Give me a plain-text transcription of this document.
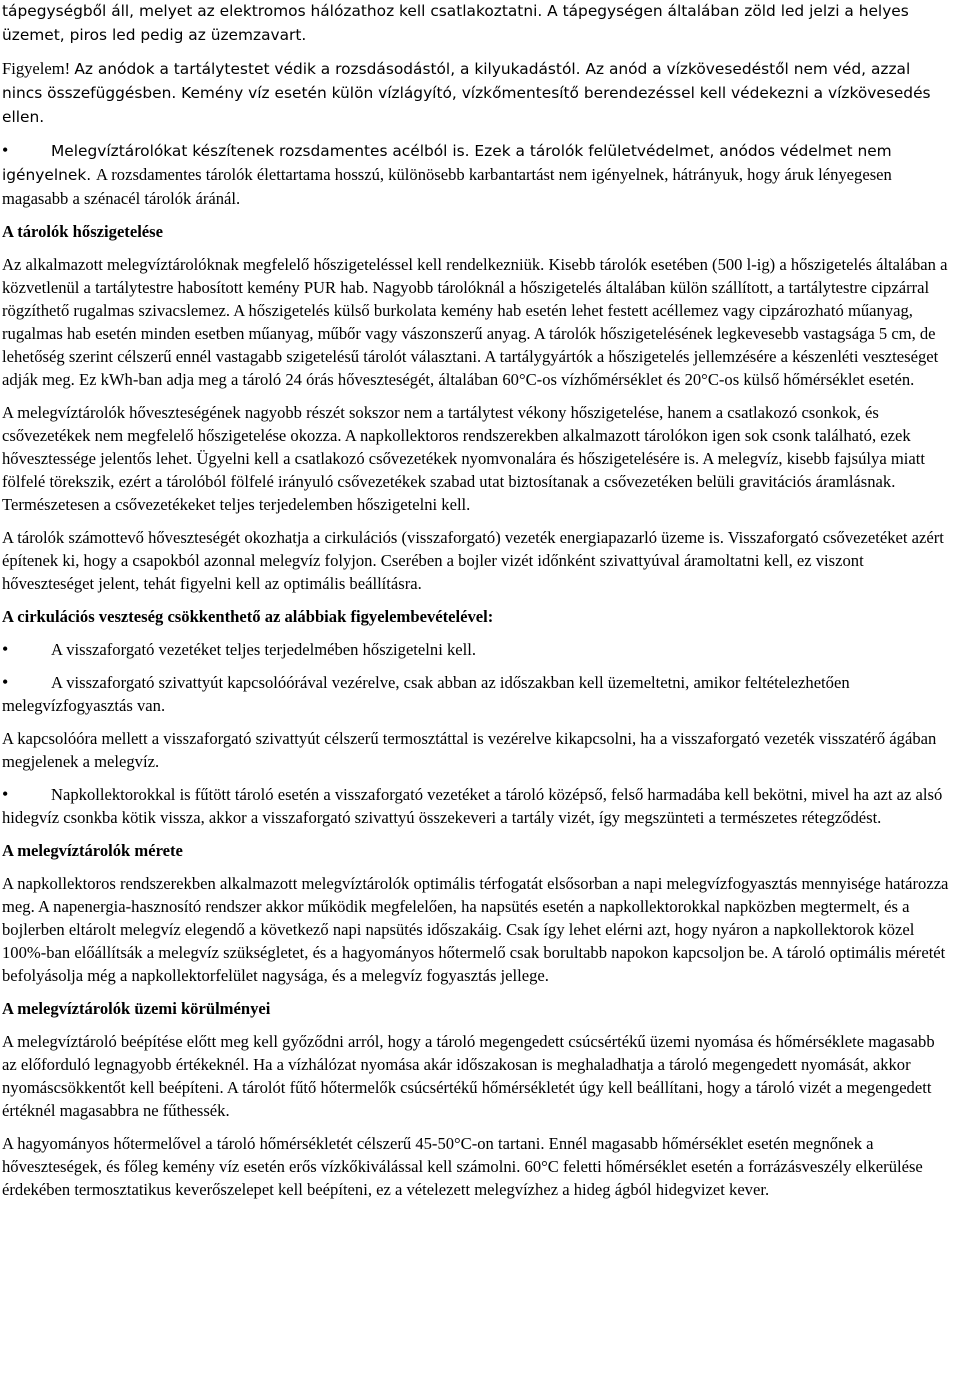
tápegységből áll, melyet az elektromos hálózathoz kell csatlakoztatni. A tápegységen általában zöld led jelzi a helyes üzemet, piros led pedig az üzemzavart.

Figyelem! Az anódok a tartálytestet védik a rozsdásodástól, a kilyukadástól. Az anód a vízkövesedéstől nem véd, azzal nincs összefüggésben. Kemény víz esetén külön vízlágyító, vízkőmentesítő berendezéssel kell védekezni a vízkövesedés ellen.

•Melegvíztárolókat készítenek rozsdamentes acélból is. Ezek a tárolók felületvédelmet, anódos védelmet nem igényelnek. A rozsdamentes tárolók élettartama hosszú, különösebb karbantartást nem igényelnek, hátrányuk, hogy áruk lényegesen magasabb a szénacél tárolók áránál.

A tárolók hőszigetelése

Az alkalmazott melegvíztárolóknak megfelelő hőszigeteléssel kell rendelkezniük. Kisebb tárolók esetében (500 l-ig) a hőszigetelés általában a közvetlenül a tartálytestre habosított kemény PUR hab. Nagyobb tárolóknál a hőszigetelés általában külön szállított, a tartálytestre cipzárral rögzíthető rugalmas szivacslemez. A hőszigetelés külső burkolata kemény hab esetén lehet festett acéllemez vagy cipzározható műanyag, rugalmas hab esetén minden esetben műanyag, műbőr vagy vászonszerű anyag. A tárolók hőszigetelésének legkevesebb vastagsága 5 cm, de lehetőség szerint célszerű ennél vastagabb szigetelésű tárolót választani. A tartálygyártók a hőszigetelés jellemzésére a készenléti veszteséget adják meg. Ez kWh-ban adja meg a tároló 24 órás hőveszteségét, általában 60°C-os vízhőmérséklet és 20°C-os külső hőmérséklet esetén.

A melegvíztárolók hőveszteségének nagyobb részét sokszor nem a tartálytest vékony hőszigetelése, hanem a csatlakozó csonkok, és csővezetékek nem megfelelő hőszigetelése okozza. A napkollektoros rendszerekben alkalmazott tárolókon igen sok csonk található, ezek hővesztessége jelentős lehet. Ügyelni kell a csatlakozó csővezetékek nyomvonalára és hőszigetelésére is. A melegvíz, kisebb fajsúlya miatt fölfelé törekszik, ezért a tárolóból fölfelé irányuló csővezetékek szabad utat biztosítanak a csővezetéken belüli gravitációs áramlásnak. Természetesen a csővezetékeket teljes terjedelemben hőszigetelni kell.

A tárolók számottevő hőveszteségét okozhatja a cirkulációs (visszaforgató) vezeték energiapazarló üzeme is. Visszaforgató csővezetéket azért építenek ki, hogy a csapokból azonnal melegvíz folyjon. Cserében a bojler vizét időnként szivattyúval áramoltatni kell, ez viszont hőveszteséget jelent, tehát figyelni kell az optimális beállításra.

A cirkulációs veszteség csökkenthető az alábbiak figyelembevételével:

•A visszaforgató vezetéket teljes terjedelmében hőszigetelni kell.

•A visszaforgató szivattyút kapcsolóórával vezérelve, csak abban az időszakban kell üzemeltetni, amikor feltételezhetően melegvízfogyasztás van.

A kapcsolóóra mellett a visszaforgató szivattyút célszerű termosztáttal is vezérelve kikapcsolni, ha a visszaforgató vezeték visszatérő ágában megjelenek a melegvíz.

•Napkollektorokkal is fűtött tároló esetén a visszaforgató vezetéket a tároló középső, felső harmadába kell bekötni, mivel ha azt az alsó hidegvíz csonkba kötik vissza, akkor a visszaforgató szivattyú összekeveri a tartály vizét, így megszünteti a természetes rétegződést.

A melegvíztárolók mérete

A napkollektoros rendszerekben alkalmazott melegvíztárolók optimális térfogatát elsősorban a napi melegvízfogyasztás mennyisége határozza meg. A napenergia-hasznosító rendszer akkor működik megfelelően, ha napsütés esetén a napkollektorokkal napközben megtermelt, és a bojlerben eltárolt melegvíz elegendő a következő napi napsütés időszakáig. Csak így lehet elérni azt, hogy nyáron a napkollektorok közel 100%-ban előállítsák a melegvíz szükségletet, és a hagyományos hőtermelő csak borultabb napokon kapcsoljon be. A tároló optimális méretét befolyásolja még a napkollektorfelület nagysága, és a melegvíz fogyasztás jellege.

A melegvíztárolók üzemi körülményei

A melegvíztároló beépítése előtt meg kell győződni arról, hogy a tároló megengedett csúcsértékű üzemi nyomása és hőmérséklete magasabb az előforduló legnagyobb értékeknél. Ha a vízhálózat nyomása akár időszakosan is meghaladhatja a tároló megengedett nyomását, akkor nyomáscsökkentőt kell beépíteni. A tárolót fűtő hőtermelők csúcsértékű hőmérsékletét úgy kell beállítani, hogy a tároló vizét a megengedett értéknél magasabbra ne fűthessék.

A hagyományos hőtermelővel a tároló hőmérsékletét célszerű 45-50°C-on tartani. Ennél magasabb hőmérséklet esetén megnőnek a hőveszteségek, és főleg kemény víz esetén erős vízkőkiválással kell számolni. 60°C feletti hőmérséklet esetén a forrázásveszély elkerülése érdekében termosztatikus keverőszelepet kell beépíteni, ez a vételezett melegvízhez a hideg ágból hidegvizet kever.
